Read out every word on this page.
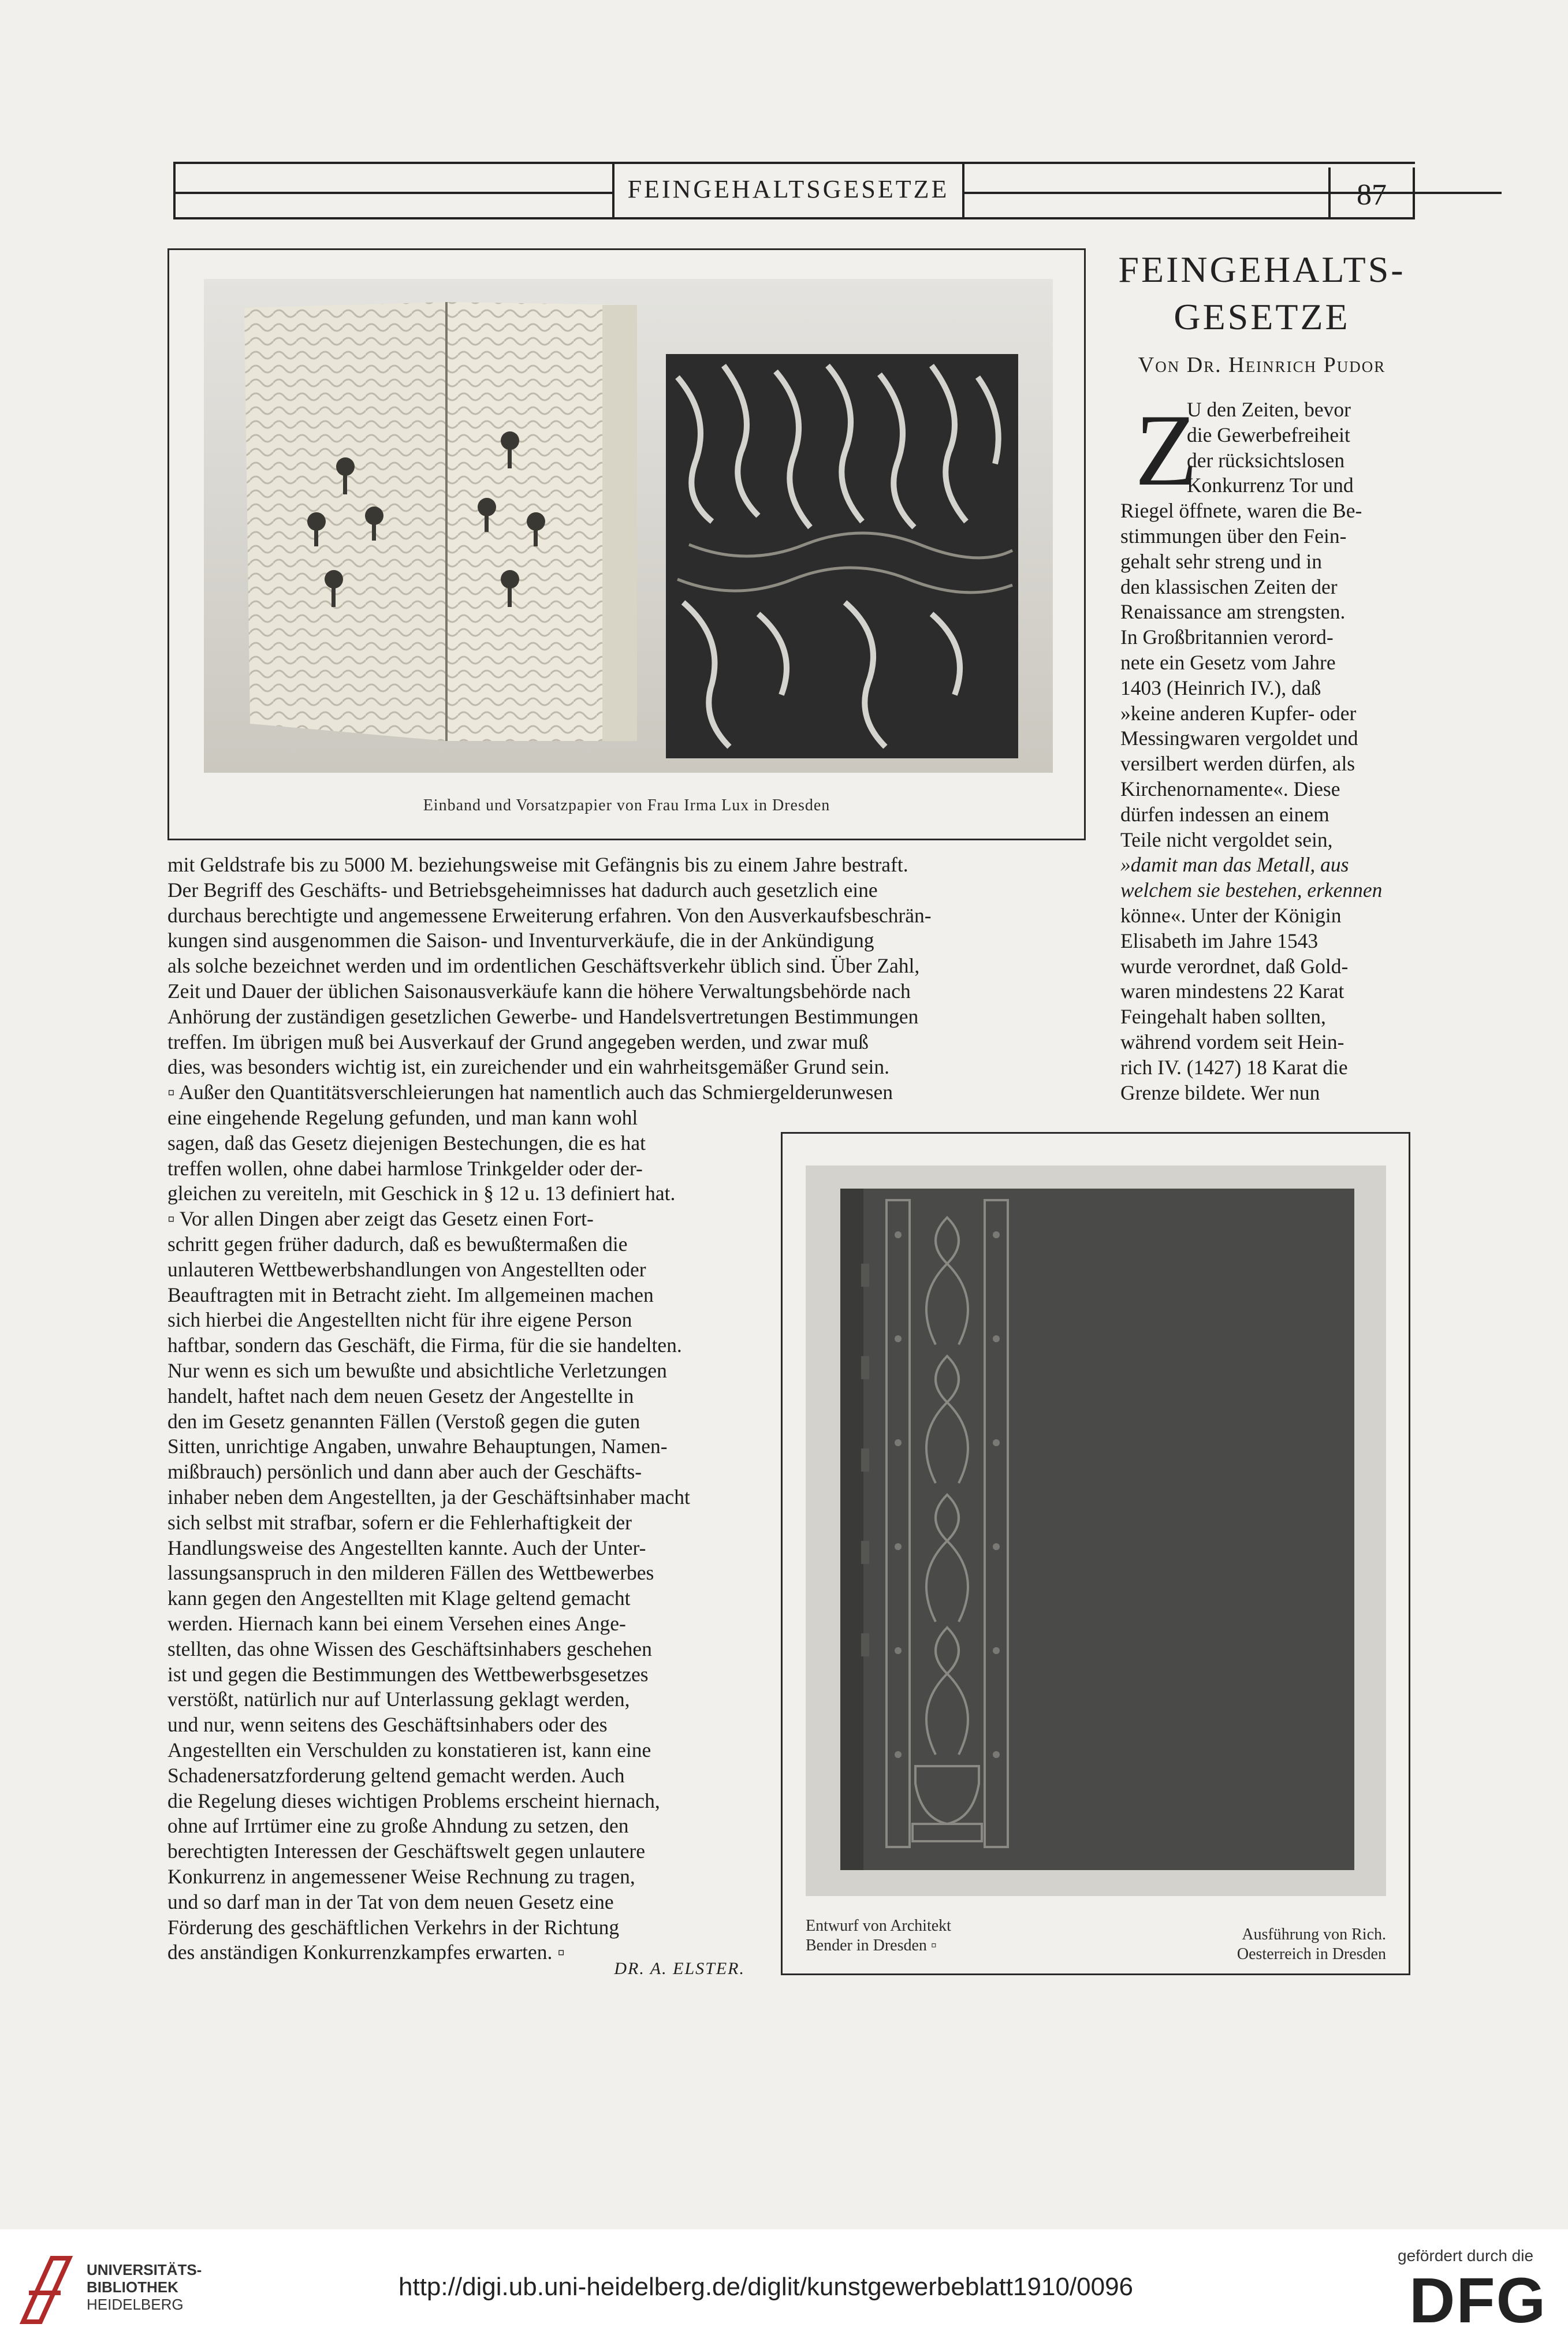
FEINGEHALTSGESETZE	87
Einband und Vorsatzpapier von Frau Irma Lux in Dresden
FEINGEHALTS-
GESETZE
Von Dr. Heinrich Pudor
Z
U den Zeiten, bevor
die Gewerbefreiheit
der rücksichtslosen
Konkurrenz Tor und
Riegel öffnete, waren die Be-
stimmungen über den Fein-
gehalt sehr streng und in
den klassischen Zeiten der
Renaissance am strengsten.
In Großbritannien verord-
nete ein Gesetz vom Jahre
1403 (Heinrich IV.), daß
»keine anderen Kupfer- oder
Messingwaren vergoldet und
versilbert werden dürfen, als
Kirchenornamente«. Diese
dürfen indessen an einem
Teile nicht vergoldet sein,
»damit man das Metall, aus
welchem sie bestehen, erkennen
könne«. Unter der Königin
Elisabeth im Jahre 1543
wurde verordnet, daß Gold-
waren mindestens 22 Karat
Feingehalt haben sollten,
während vordem seit Hein-
rich IV. (1427) 18 Karat die
Grenze bildete. Wer nun
mit Geldstrafe bis zu 5000 M. beziehungsweise mit Gefängnis bis zu einem Jahre bestraft.
Der Begriff des Geschäfts- und Betriebsgeheimnisses hat dadurch auch gesetzlich eine
durchaus berechtigte und angemessene Erweiterung erfahren. Von den Ausverkaufsbeschrän-
kungen sind ausgenommen die Saison- und Inventurverkäufe, die in der Ankündigung
als solche bezeichnet werden und im ordentlichen Geschäftsverkehr üblich sind. Über Zahl,
Zeit und Dauer der üblichen Saisonausverkäufe kann die höhere Verwaltungsbehörde nach
Anhörung der zuständigen gesetzlichen Gewerbe- und Handelsvertretungen Bestimmungen
treffen. Im übrigen muß bei Ausverkauf der Grund angegeben werden, und zwar muß
dies, was besonders wichtig ist, ein zureichender und ein wahrheitsgemäßer Grund sein.
▫ Außer den Quantitätsverschleierungen hat namentlich auch das Schmiergelderunwesen
eine eingehende Regelung gefunden, und man kann wohl
sagen, daß das Gesetz diejenigen Bestechungen, die es hat
treffen wollen, ohne dabei harmlose Trinkgelder oder der-
gleichen zu vereiteln, mit Geschick in § 12 u. 13 definiert hat.
▫ Vor allen Dingen aber zeigt das Gesetz einen Fort-
schritt gegen früher dadurch, daß es bewußtermaßen die
unlauteren Wettbewerbshandlungen von Angestellten oder
Beauftragten mit in Betracht zieht. Im allgemeinen machen
sich hierbei die Angestellten nicht für ihre eigene Person
haftbar, sondern das Geschäft, die Firma, für die sie handelten.
Nur wenn es sich um bewußte und absichtliche Verletzungen
handelt, haftet nach dem neuen Gesetz der Angestellte in
den im Gesetz genannten Fällen (Verstoß gegen die guten
Sitten, unrichtige Angaben, unwahre Behauptungen, Namen-
mißbrauch) persönlich und dann aber auch der Geschäfts-
inhaber neben dem Angestellten, ja der Geschäftsinhaber macht
sich selbst mit strafbar, sofern er die Fehlerhaftigkeit der
Handlungsweise des Angestellten kannte. Auch der Unter-
lassungsanspruch in den milderen Fällen des Wettbewerbes
kann gegen den Angestellten mit Klage geltend gemacht
werden. Hiernach kann bei einem Versehen eines Ange-
stellten, das ohne Wissen des Geschäftsinhabers geschehen
ist und gegen die Bestimmungen des Wettbewerbsgesetzes
verstößt, natürlich nur auf Unterlassung geklagt werden,
und nur, wenn seitens des Geschäftsinhabers oder des
Angestellten ein Verschulden zu konstatieren ist, kann eine
Schadenersatzforderung geltend gemacht werden. Auch
die Regelung dieses wichtigen Problems erscheint hiernach,
ohne auf Irrtümer eine zu große Ahndung zu setzen, den
berechtigten Interessen der Geschäftswelt gegen unlautere
Konkurrenz in angemessener Weise Rechnung zu tragen,
und so darf man in der Tat von dem neuen Gesetz eine
Förderung des geschäftlichen Verkehrs in der Richtung
des anständigen Konkurrenzkampfes erwarten. ▫
DR. A. ELSTER.
Entwurf von Architekt
Bender in Dresden ▫
Ausführung von Rich.
Oesterreich in Dresden
UNIVERSITÄTS-
BIBLIOTHEK
HEIDELBERG
http://digi.ub.uni-heidelberg.de/diglit/kunstgewerbeblatt1910/0096
gefördert durch die
DFG
